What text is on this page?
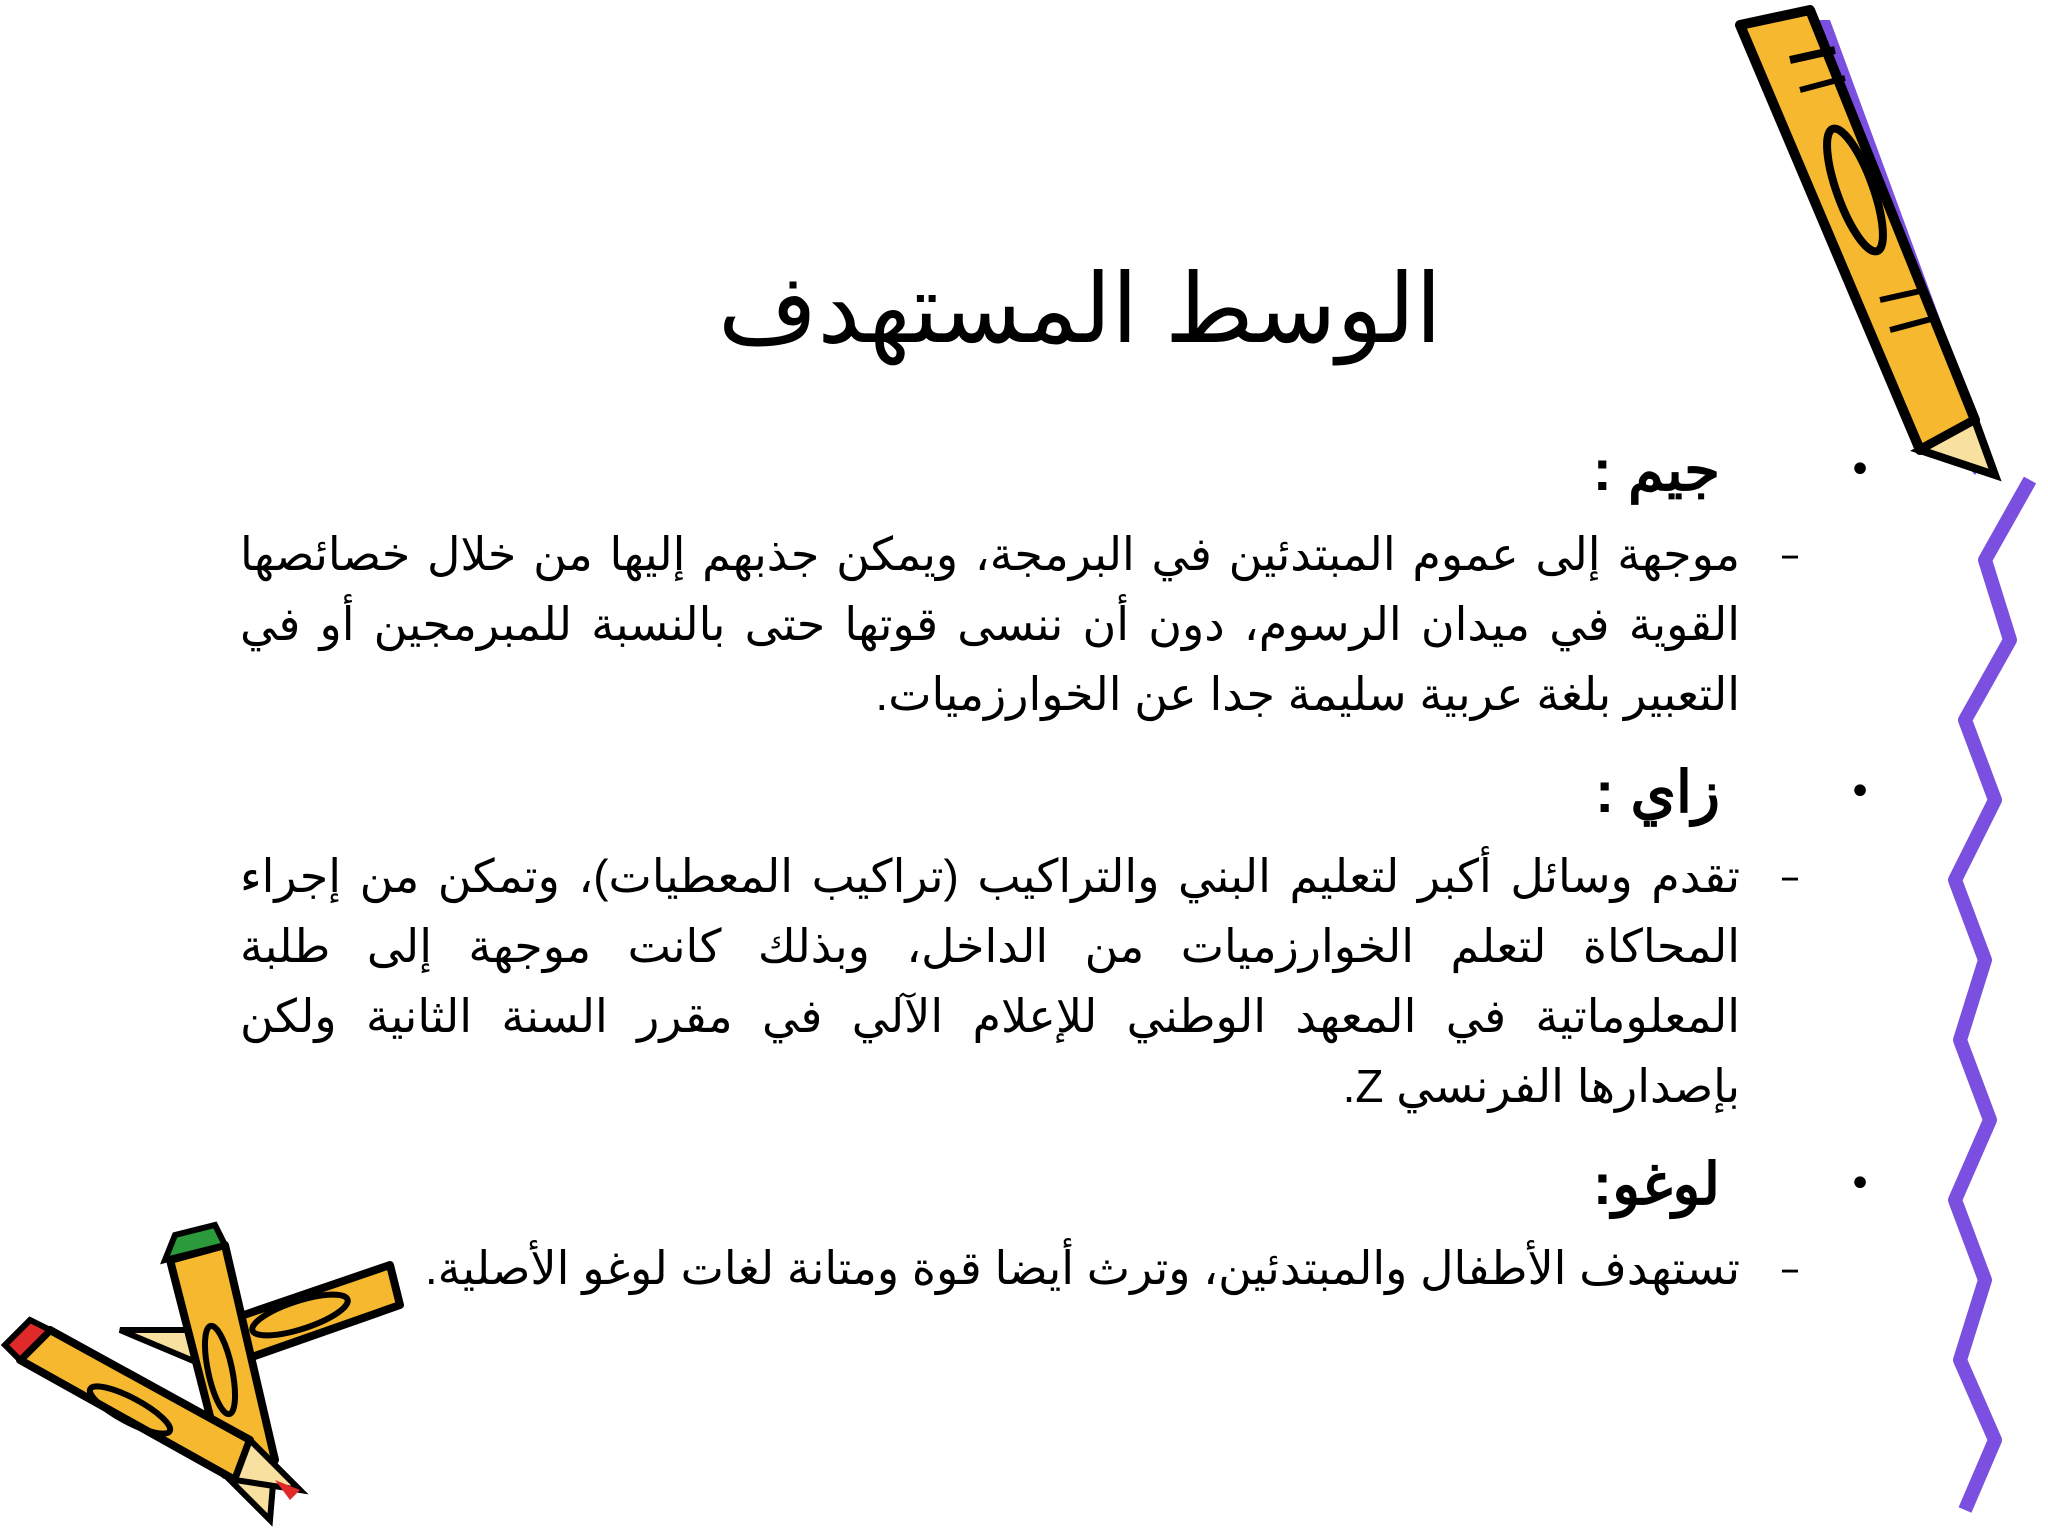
الوسط المستهدف
•
جيم :
–
موجهة إلى عموم المبتدئين في البرمجة، ويمكن جذبهم إليها من خلال خصائصها القوية في ميدان الرسوم، دون أن ننسى قوتها حتى بالنسبة للمبرمجين أو في التعبير بلغة عربية سليمة جدا عن الخوارزميات.
•
زاي :
–
تقدم وسائل أكبر لتعليم البني والتراكيب (تراكيب المعطيات)، وتمكن من إجراء المحاكاة لتعلم الخوارزميات من الداخل، وبذلك كانت موجهة إلى طلبة المعلوماتية في المعهد الوطني للإعلام الآلي في مقرر السنة الثانية ولكن بإصدارها الفرنسي Z.
•
لوغو:
–
تستهدف الأطفال والمبتدئين، وترث أيضا قوة ومتانة لغات لوغو الأصلية.
